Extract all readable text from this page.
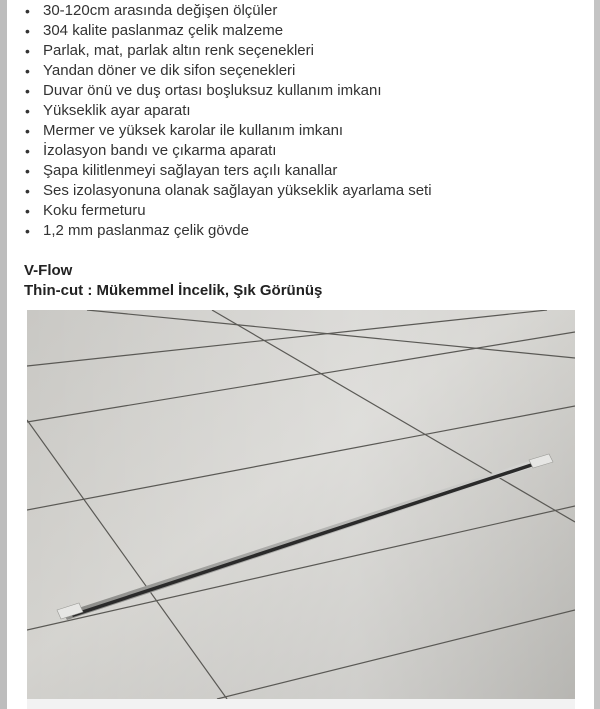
• 30-120cm arasında değişen ölçüler
• 304 kalite paslanmaz çelik malzeme
• Parlak, mat, parlak altın renk seçenekleri
• Yandan döner ve dik sifon seçenekleri
• Duvar önü ve duş ortası boşluksuz kullanım imkanı
• Yükseklik ayar aparatı
• Mermer ve yüksek karolar ile kullanım imkanı
• İzolasyon bandı ve çıkarma aparatı
• Şapa kilitlenmeyi sağlayan ters açılı kanallar
• Ses izolasyonuna olanak sağlayan yükseklik ayarlama seti
• Koku fermeturu
• 1,2 mm paslanmaz çelik gövde
V-Flow
Thin-cut : Mükemmel İncelik, Şık Görünüş
